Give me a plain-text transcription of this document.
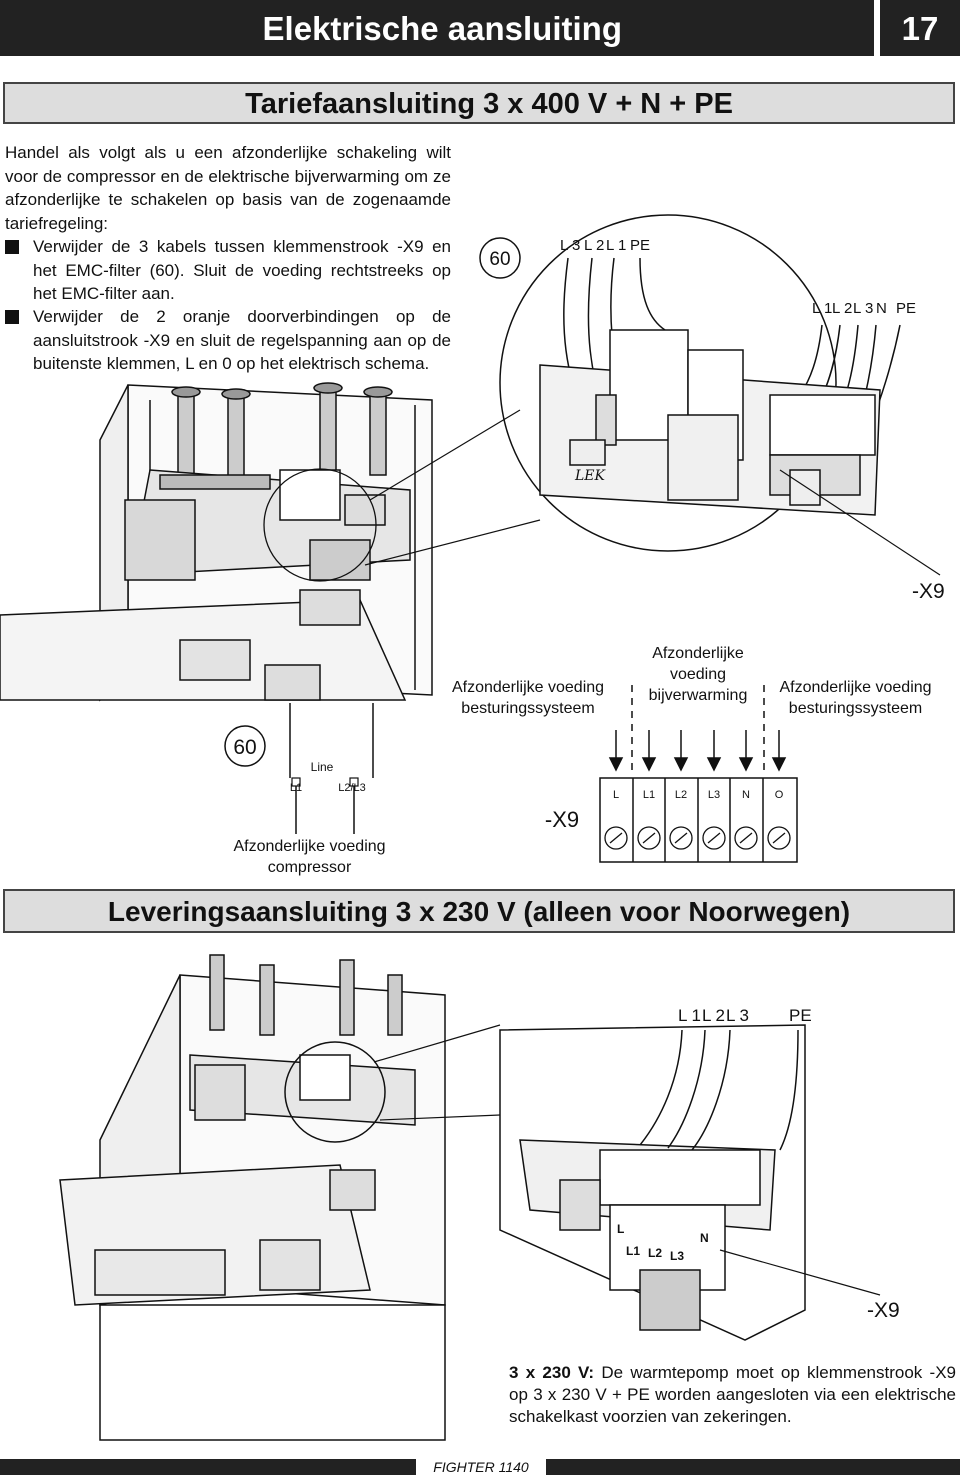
Elektrische aansluiting	17
Tariefaansluiting 3 x 400 V + N + PE
Handel als volgt als u een afzonderlijke schakeling wilt voor de compressor en de elektrische bijverwarming om ze afzonderlijke te schakelen op basis van de zogenaamde tariefregeling:
Verwijder de 3 kabels tussen klemmenstrook -X9 en het EMC-filter (60). Sluit de voeding rechtstreeks op het EMC-filter aan.
Verwijder de 2 oranje doorverbindingen op de aansluitstrook -X9 en sluit de regelspanning aan op de buitenste klemmen, L en 0 op het elektrisch schema.
60
L 3 L 2 L 1 PE
L 1 L 2 L 3 N PE
LEK
-X9
60
Line
L1	L2/L3
-X9
L L1 L2 L3 N O
L 1 L 2 L 3 PE
L
L1 L2 L3
N
-X9
Afzonderlijke voeding besturingssysteem
Afzonderlijke voeding bijverwarming	Afzonderlijke voeding besturingssysteem
Afzonderlijke voeding compressor
Leveringsaansluiting 3 x 230 V (alleen voor Noorwegen)
3 x 230 V: De warmtepomp moet op klemmenstrook -X9 op 3 x 230 V + PE worden aangesloten via een elektrische schakelkast voorzien van zekeringen.
FIGHTER 1140
